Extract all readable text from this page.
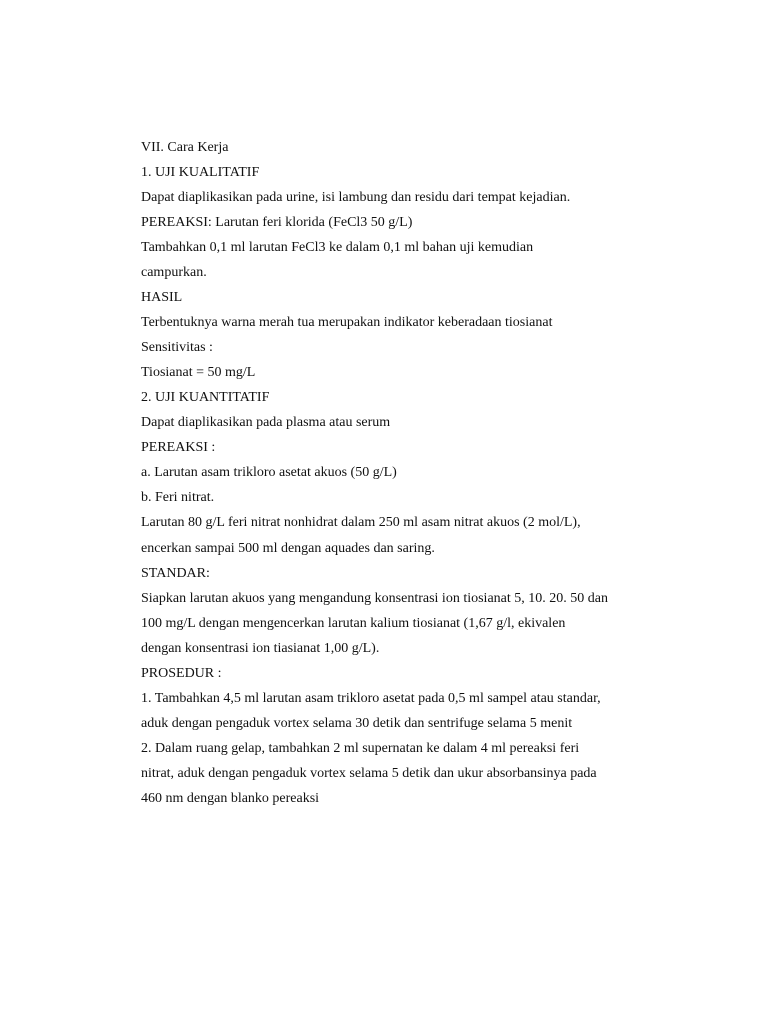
VII. Cara Kerja
1. UJI KUALITATIF
Dapat diaplikasikan pada urine, isi lambung dan residu dari tempat kejadian.
PEREAKSI: Larutan feri klorida (FeCl3 50 g/L)
Tambahkan 0,1 ml larutan FeCl3 ke dalam 0,1 ml bahan uji kemudian
campurkan.
HASIL
Terbentuknya warna merah tua merupakan indikator keberadaan tiosianat
Sensitivitas :
Tiosianat = 50 mg/L
2. UJI KUANTITATIF
Dapat diaplikasikan pada plasma atau serum
PEREAKSI :
a. Larutan asam trikloro asetat akuos (50 g/L)
b. Feri nitrat.
Larutan 80 g/L feri nitrat nonhidrat dalam 250 ml asam nitrat akuos (2 mol/L),
encerkan sampai 500 ml dengan aquades dan saring.
STANDAR:
Siapkan larutan akuos yang mengandung konsentrasi ion tiosianat 5, 10. 20. 50 dan
100 mg/L dengan mengencerkan larutan kalium tiosianat (1,67 g/l, ekivalen
dengan konsentrasi ion tiasianat 1,00 g/L).
PROSEDUR :
1. Tambahkan 4,5 ml larutan asam trikloro asetat pada 0,5 ml sampel atau standar,
aduk dengan pengaduk vortex selama 30 detik dan sentrifuge selama 5 menit
2. Dalam ruang gelap, tambahkan 2 ml supernatan ke dalam 4 ml pereaksi feri
nitrat, aduk dengan pengaduk vortex selama 5 detik dan ukur absorbansinya pada
460 nm dengan blanko pereaksi
